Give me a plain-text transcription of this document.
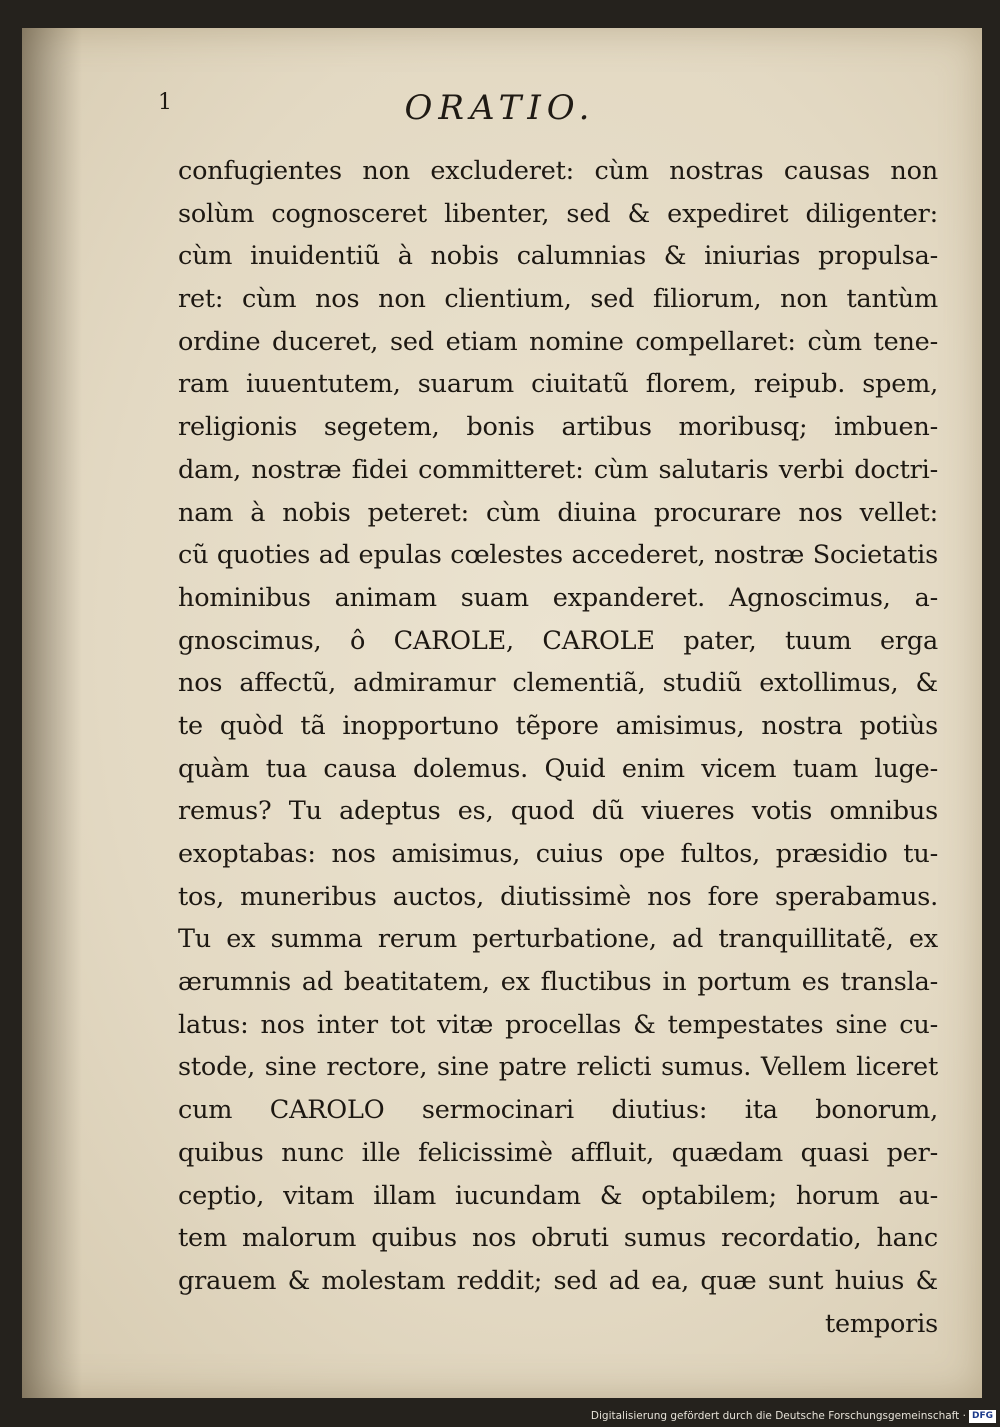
1	ORATIO.
confugientes non excluderet: cùm nostras causas non
solùm cognosceret libenter, sed & expediret diligenter:
cùm inuidentiũ à nobis calumnias & iniurias propulsa-
ret: cùm nos non clientium, sed filiorum, non tantùm
ordine duceret, sed etiam nomine compellaret: cùm tene-
ram iuuentutem, suarum ciuitatũ florem, reipub. spem,
religionis segetem, bonis artibus moribusq; imbuen-
dam, nostræ fidei committeret: cùm salutaris verbi doctri-
nam à nobis peteret: cùm diuina procurare nos vellet:
cũ quoties ad epulas cœlestes accederet, nostræ Societatis
hominibus animam suam expanderet. Agnoscimus, a-
gnoscimus, ô CAROLE, CAROLE pater, tuum erga
nos affectũ, admiramur clementiã, studiũ extollimus, &
te quòd tã inopportuno tẽpore amisimus, nostra potiùs
quàm tua causa dolemus. Quid enim vicem tuam luge-
remus? Tu adeptus es, quod dũ viueres votis omnibus
exoptabas: nos amisimus, cuius ope fultos, præsidio tu-
tos, muneribus auctos, diutissimè nos fore sperabamus.
Tu ex summa rerum perturbatione, ad tranquillitatẽ, ex
ærumnis ad beatitatem, ex fluctibus in portum es transla-
latus: nos inter tot vitæ procellas & tempestates sine cu-
stode, sine rectore, sine patre relicti sumus. Vellem liceret
cum CAROLO sermocinari diutius: ita bonorum,
quibus nunc ille felicissimè affluit, quædam quasi per-
ceptio, vitam illam iucundam & optabilem; horum au-
tem malorum quibus nos obruti sumus recordatio, hanc
grauem & molestam reddit; sed ad ea, quæ sunt huius &
temporis
Digitalisierung gefördert durch die Deutsche Forschungsgemeinschaft · DFG
